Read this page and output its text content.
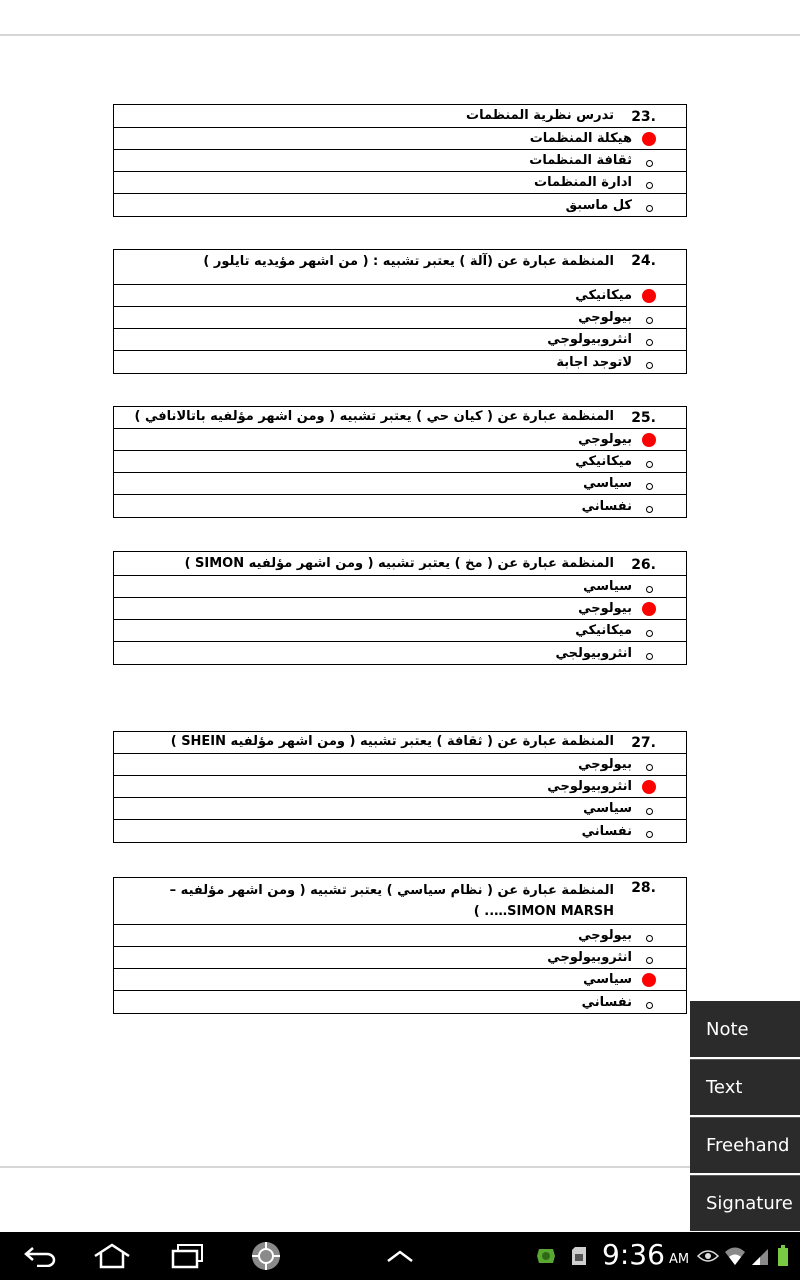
23.
تدرس نظرية المنظمات
هيكلة المنظمات
ثقافة المنظمات
ادارة المنظمات
كل ماسبق
24.
المنظمة عبارة عن (آلة ) يعتبر تشبيه : ( من اشهر مؤيديه تايلور )
ميكانيكي
بيولوجي
انثروبيولوجي
لاتوجد اجابة
25.
المنظمة عبارة عن ( كيان حي ) يعتبر تشبيه ( ومن اشهر مؤلفيه باتالانافي )
بيولوجي
ميكانيكي
سياسي
نفساني
26.
المنظمة عبارة عن ( مخ ) يعتبر تشبيه ( ومن اشهر مؤلفيه SIMON )
سياسي
بيولوجي
ميكانيكي
انثروبيولجي
27.
المنظمة عبارة عن ( ثقافة ) يعتبر تشبيه ( ومن اشهر مؤلفيه SHEIN )
بيولوجي
انثروبيولوجي
سياسي
نفساني
28.
المنظمة عبارة عن ( نظام سياسي ) يعتبر تشبيه ( ومن اشهر مؤلفيه – SIMON MARSH….. )
بيولوجي
انثروبيولوجي
سياسي
نفساني
Note
Text
Freehand
Signature
9:36 AM
